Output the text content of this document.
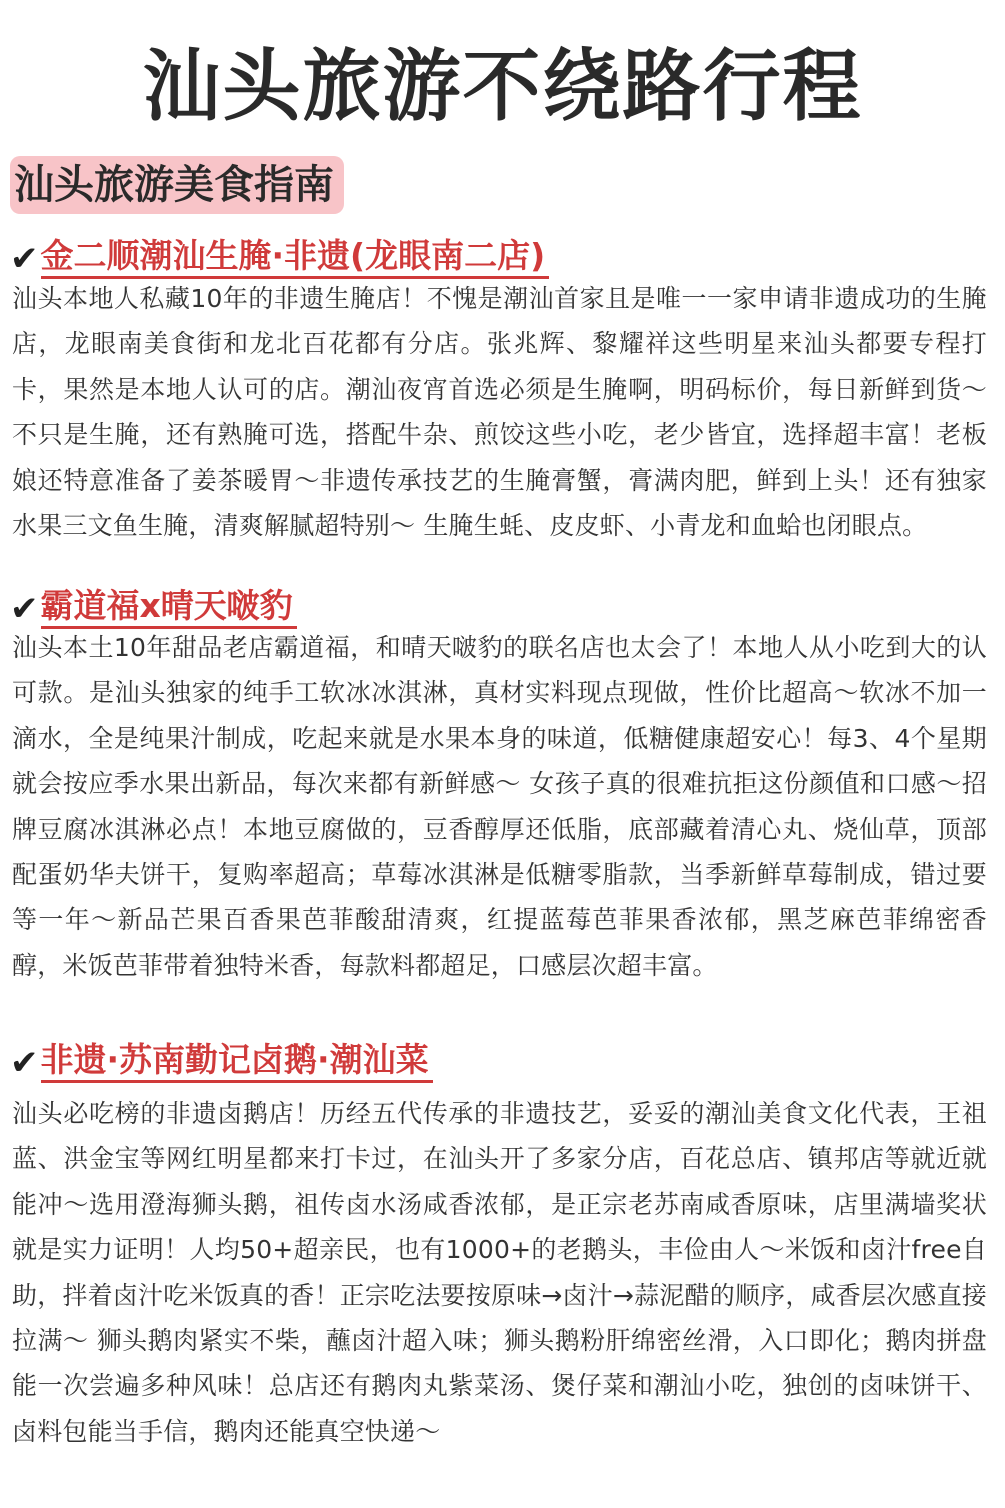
汕头旅游不绕路行程
汕头旅游美食指南
✔ 金二顺潮汕生腌·非遗(龙眼南二店)

汕头本地人私藏10年的非遗生腌店！不愧是潮汕首家且是唯一一家申请非遗成功的生腌店，龙眼南美食街和龙北百花都有分店。张兆辉、黎耀祥这些明星来汕头都要专程打卡，果然是本地人认可的店。潮汕夜宵首选必须是生腌啊，明码标价，每日新鲜到货～不只是生腌，还有熟腌可选，搭配牛杂、煎饺这些小吃，老少皆宜，选择超丰富！老板娘还特意准备了姜茶暖胃～非遗传承技艺的生腌膏蟹，膏满肉肥，鲜到上头！还有独家水果三文鱼生腌，清爽解腻超特别～ 生腌生蚝、皮皮虾、小青龙和血蛤也闭眼点。

✔ 霸道福x晴天啵豹

汕头本土10年甜品老店霸道福，和晴天啵豹的联名店也太会了！本地人从小吃到大的认可款。是汕头独家的纯手工软冰冰淇淋，真材实料现点现做，性价比超高～软冰不加一滴水，全是纯果汁制成，吃起来就是水果本身的味道，低糖健康超安心！每3、4个星期就会按应季水果出新品，每次来都有新鲜感～ 女孩子真的很难抗拒这份颜值和口感～招牌豆腐冰淇淋必点！本地豆腐做的，豆香醇厚还低脂，底部藏着清心丸、烧仙草，顶部配蛋奶华夫饼干，复购率超高；草莓冰淇淋是低糖零脂款，当季新鲜草莓制成，错过要等一年～新品芒果百香果芭菲酸甜清爽，红提蓝莓芭菲果香浓郁，黑芝麻芭菲绵密香醇，米饭芭菲带着独特米香，每款料都超足，口感层次超丰富。

✔ 非遗·苏南勤记卤鹅·潮汕菜

汕头必吃榜的非遗卤鹅店！历经五代传承的非遗技艺，妥妥的潮汕美食文化代表，王祖蓝、洪金宝等网红明星都来打卡过，在汕头开了多家分店，百花总店、镇邦店等就近就能冲～选用澄海狮头鹅，祖传卤水汤咸香浓郁，是正宗老苏南咸香原味，店里满墙奖状就是实力证明！人均50+超亲民，也有1000+的老鹅头，丰俭由人～米饭和卤汁free自助，拌着卤汁吃米饭真的香！正宗吃法要按原味→卤汁→蒜泥醋的顺序，咸香层次感直接拉满～ 狮头鹅肉紧实不柴，蘸卤汁超入味；狮头鹅粉肝绵密丝滑，入口即化；鹅肉拼盘能一次尝遍多种风味！总店还有鹅肉丸紫菜汤、煲仔菜和潮汕小吃，独创的卤味饼干、卤料包能当手信，鹅肉还能真空快递～
